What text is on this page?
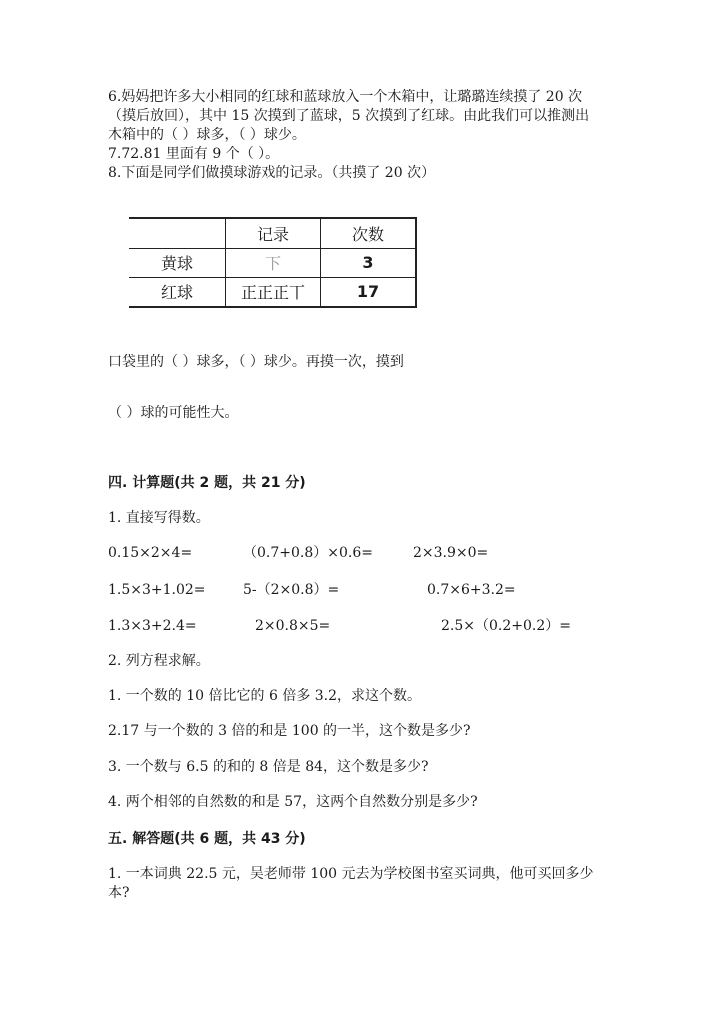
6.妈妈把许多大小相同的红球和蓝球放入一个木箱中，让璐璐连续摸了 20 次
（摸后放回），其中 15 次摸到了蓝球，5 次摸到了红球。由此我们可以推测出
木箱中的（ ）球多，（ ）球少。
7.72.81 里面有 9 个（ ）。
8.下面是同学们做摸球游戏的记录。（共摸了 20 次）
	记录	次数
黄球	下	3
红球	正正正丅	17
口袋里的（ ）球多，（ ）球少。再摸一次，摸到
（ ）球的可能性大。
四. 计算题(共 2 题，共 21 分)
1. 直接写得数。
0.15×2×4=	（0.7+0.8）×0.6=	2×3.9×0=
1.5×3+1.02=	5-（2×0.8）=	0.7×6+3.2=
1.3×3+2.4=	2×0.8×5=	2.5×（0.2+0.2）=
2. 列方程求解。
1. 一个数的 10 倍比它的 6 倍多 3.2，求这个数。
2.17 与一个数的 3 倍的和是 100 的一半，这个数是多少?
3. 一个数与 6.5 的和的 8 倍是 84，这个数是多少?
4. 两个相邻的自然数的和是 57，这两个自然数分别是多少?
五. 解答题(共 6 题，共 43 分)
1. 一本词典 22.5 元，吴老师带 100 元去为学校图书室买词典，他可买回多少
本?
